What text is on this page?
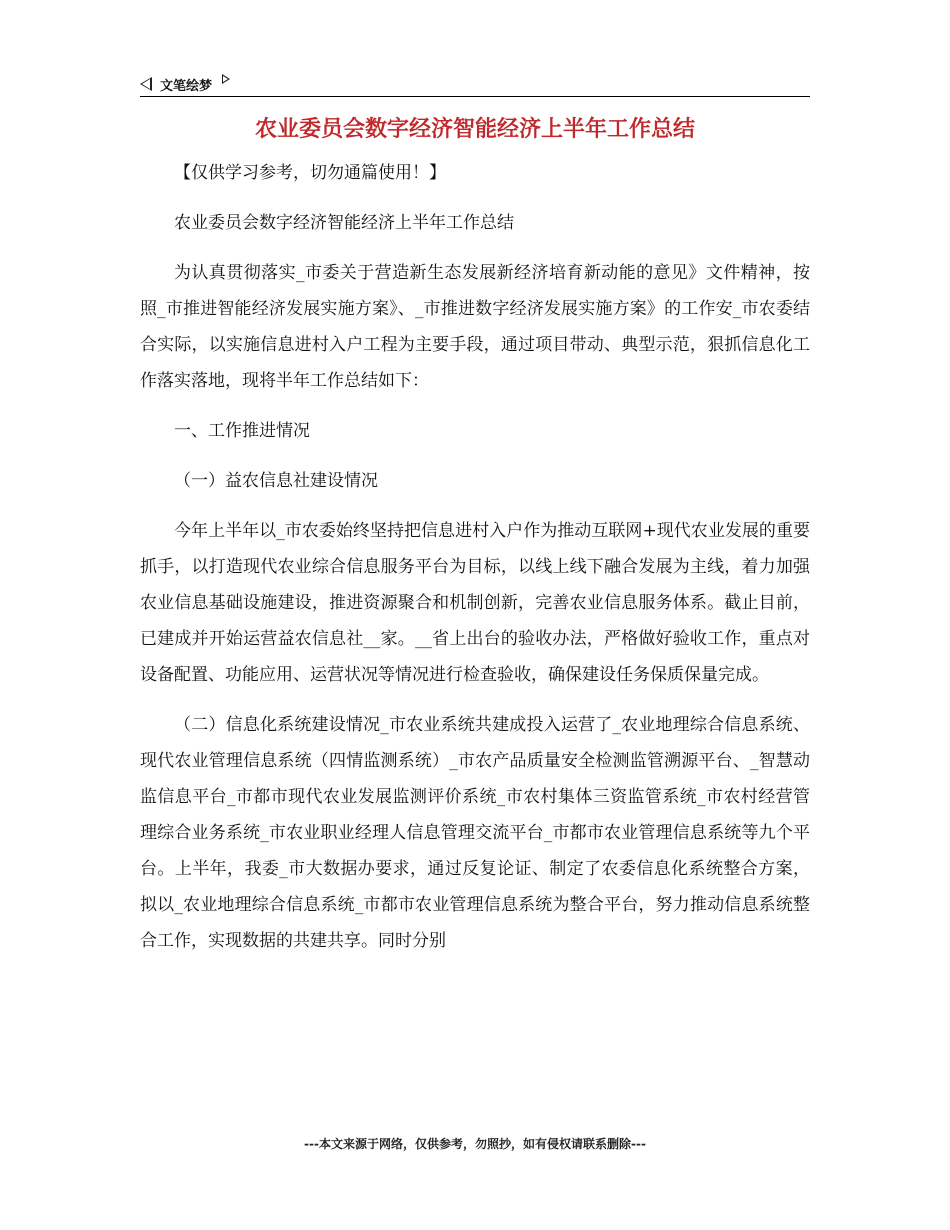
文笔绘梦
农业委员会数字经济智能经济上半年工作总结

【仅供学习参考，切勿通篇使用！】

农业委员会数字经济智能经济上半年工作总结

为认真贯彻落实_市委关于营造新生态发展新经济培育新动能的意见》文件精神，按照_市推进智能经济发展实施方案》、_市推进数字经济发展实施方案》的工作安_市农委结合实际，以实施信息进村入户工程为主要手段，通过项目带动、典型示范，狠抓信息化工作落实落地，现将半年工作总结如下：

一、工作推进情况

（一）益农信息社建设情况

今年上半年以_市农委始终坚持把信息进村入户作为推动互联网+现代农业发展的重要抓手，以打造现代农业综合信息服务平台为目标，以线上线下融合发展为主线，着力加强农业信息基础设施建设，推进资源聚合和机制创新，完善农业信息服务体系。截止目前，已建成并开始运营益农信息社__家。__省上出台的验收办法，严格做好验收工作，重点对设备配置、功能应用、运营状况等情况进行检查验收，确保建设任务保质保量完成。

（二）信息化系统建设情况_市农业系统共建成投入运营了_农业地理综合信息系统、现代农业管理信息系统（四情监测系统）_市农产品质量安全检测监管溯源平台、_智慧动监信息平台_市都市现代农业发展监测评价系统_市农村集体三资监管系统_市农村经营管理综合业务系统_市农业职业经理人信息管理交流平台_市都市农业管理信息系统等九个平台。上半年，我委_市大数据办要求，通过反复论证、制定了农委信息化系统整合方案，拟以_农业地理综合信息系统_市都市农业管理信息系统为整合平台，努力推动信息系统整合工作，实现数据的共建共享。同时分别

---本文来源于网络，仅供参考，勿照抄，如有侵权请联系删除---
